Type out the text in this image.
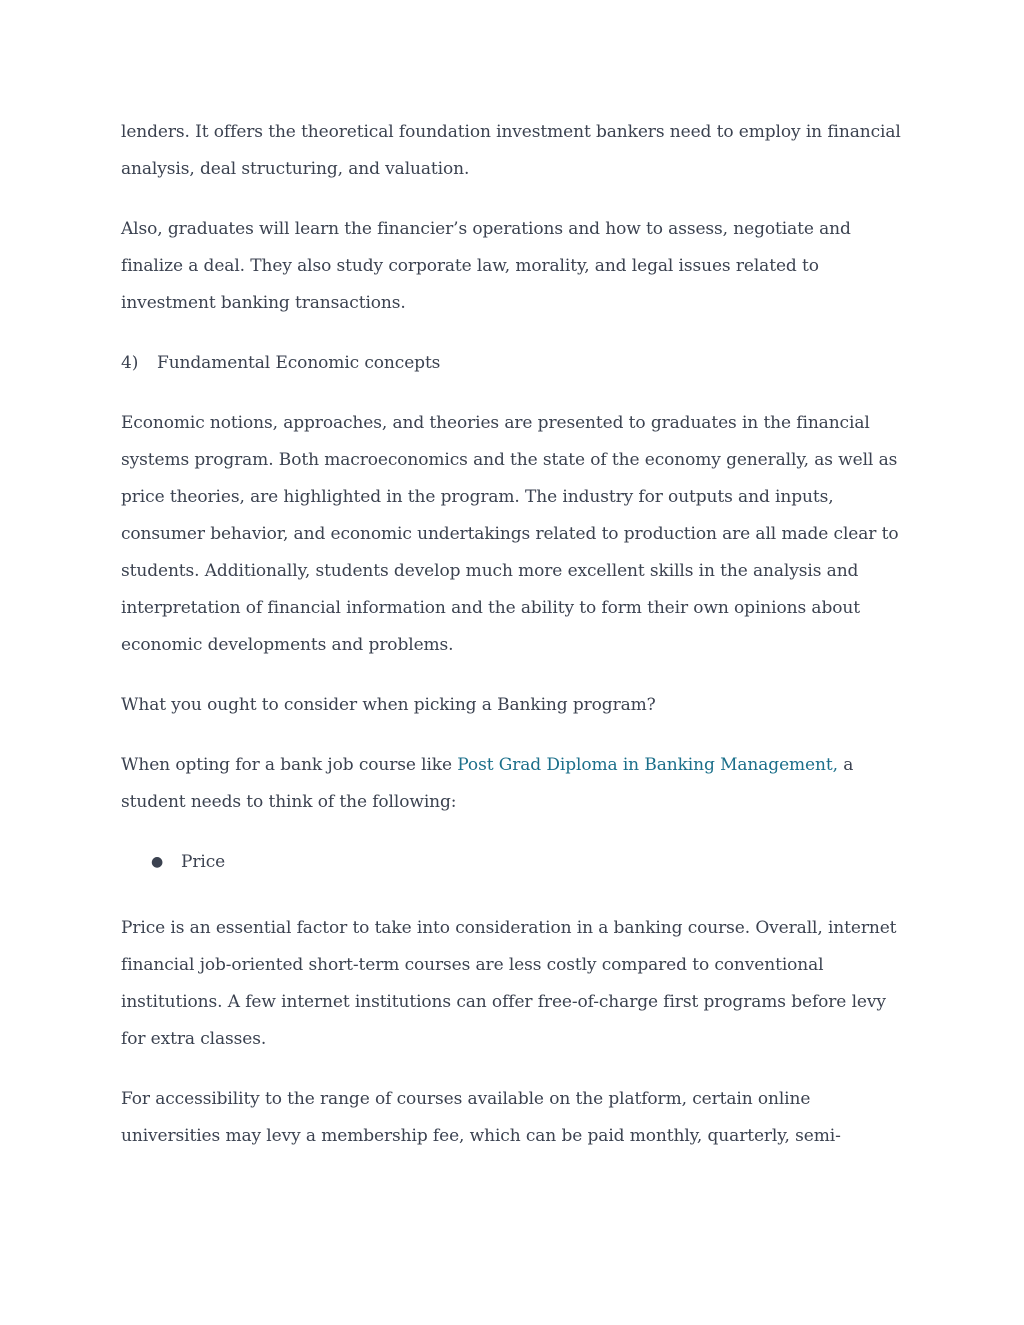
lenders. It offers the theoretical foundation investment bankers need to employ in financial analysis, deal structuring, and valuation.

Also, graduates will learn the financier’s operations and how to assess, negotiate and finalize a deal. They also study corporate law, morality, and legal issues related to investment banking transactions.

4) Fundamental Economic concepts

Economic notions, approaches, and theories are presented to graduates in the financial systems program. Both macroeconomics and the state of the economy generally, as well as price theories, are highlighted in the program. The industry for outputs and inputs, consumer behavior, and economic undertakings related to production are all made clear to students. Additionally, students develop much more excellent skills in the analysis and interpretation of financial information and the ability to form their own opinions about economic developments and problems.

What you ought to consider when picking a Banking program?

When opting for a bank job course like Post Grad Diploma in Banking Management, a student needs to think of the following:

● Price

Price is an essential factor to take into consideration in a banking course. Overall, internet financial job-oriented short-term courses are less costly compared to conventional institutions. A few internet institutions can offer free-of-charge first programs before levy for extra classes.

For accessibility to the range of courses available on the platform, certain online universities may levy a membership fee, which can be paid monthly, quarterly, semi-
